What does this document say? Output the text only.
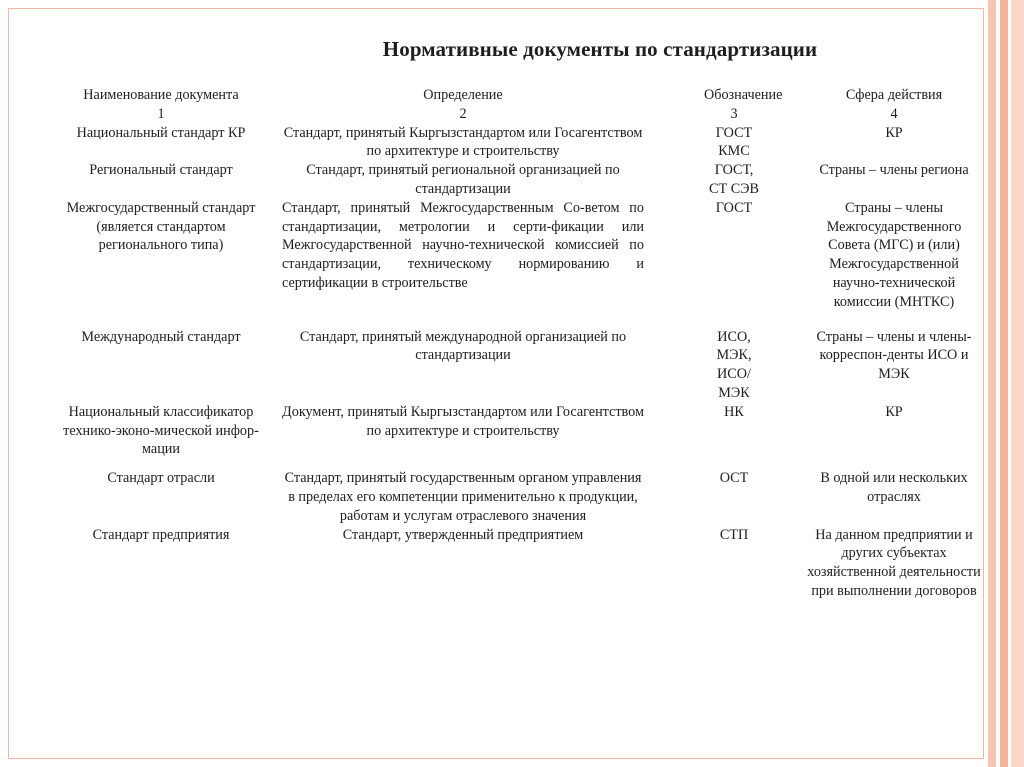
Нормативные документы по стандартизации
Наименование документа	Определение	Обозначение	Сфера действия

1	2	3	4

Национальный стандарт КР	Стандарт, принятый Кыргызстандартом или Госагентством по архитектуре и строительству	ГОСТ КМС	КР

Региональный стандарт	Стандарт, принятый региональной организацией по стандартизации	ГОСТ, СТ СЭВ	Страны – члены региона

Межгосударственный стандарт (является стандартом регионального типа)	Стандарт, принятый Межгосударственным Со-ветом по стандартизации, метрологии и серти-фикации или Межгосударственной научно-технической комиссией по стандартизации, техническому нормированию и сертификации в строительстве	ГОСТ	Страны – члены Межгосударственного Совета (МГС) и (или) Межгосударственной научно-технической комиссии (МНТКС)

Международный стандарт	Стандарт, принятый международной организацией по стандартизации	ИСО, МЭК, ИСО/ МЭК	Страны – члены и члены-корреспон-денты ИСО и МЭК

Национальный классификатор технико-эконо-мической инфор-мации	Документ, принятый Кыргызстандартом или Госагентством по архитектуре и строительству	НК	КР

Стандарт отрасли	Стандарт, принятый государственным органом управления в пределах его компетенции применительно к продукции, работам и услугам отраслевого значения	ОСТ	В одной или нескольких отраслях

Стандарт предприятия	Стандарт, утвержденный предприятием	СТП	На данном предприятии и других субъектах хозяйственной деятельности при выполнении договоров
